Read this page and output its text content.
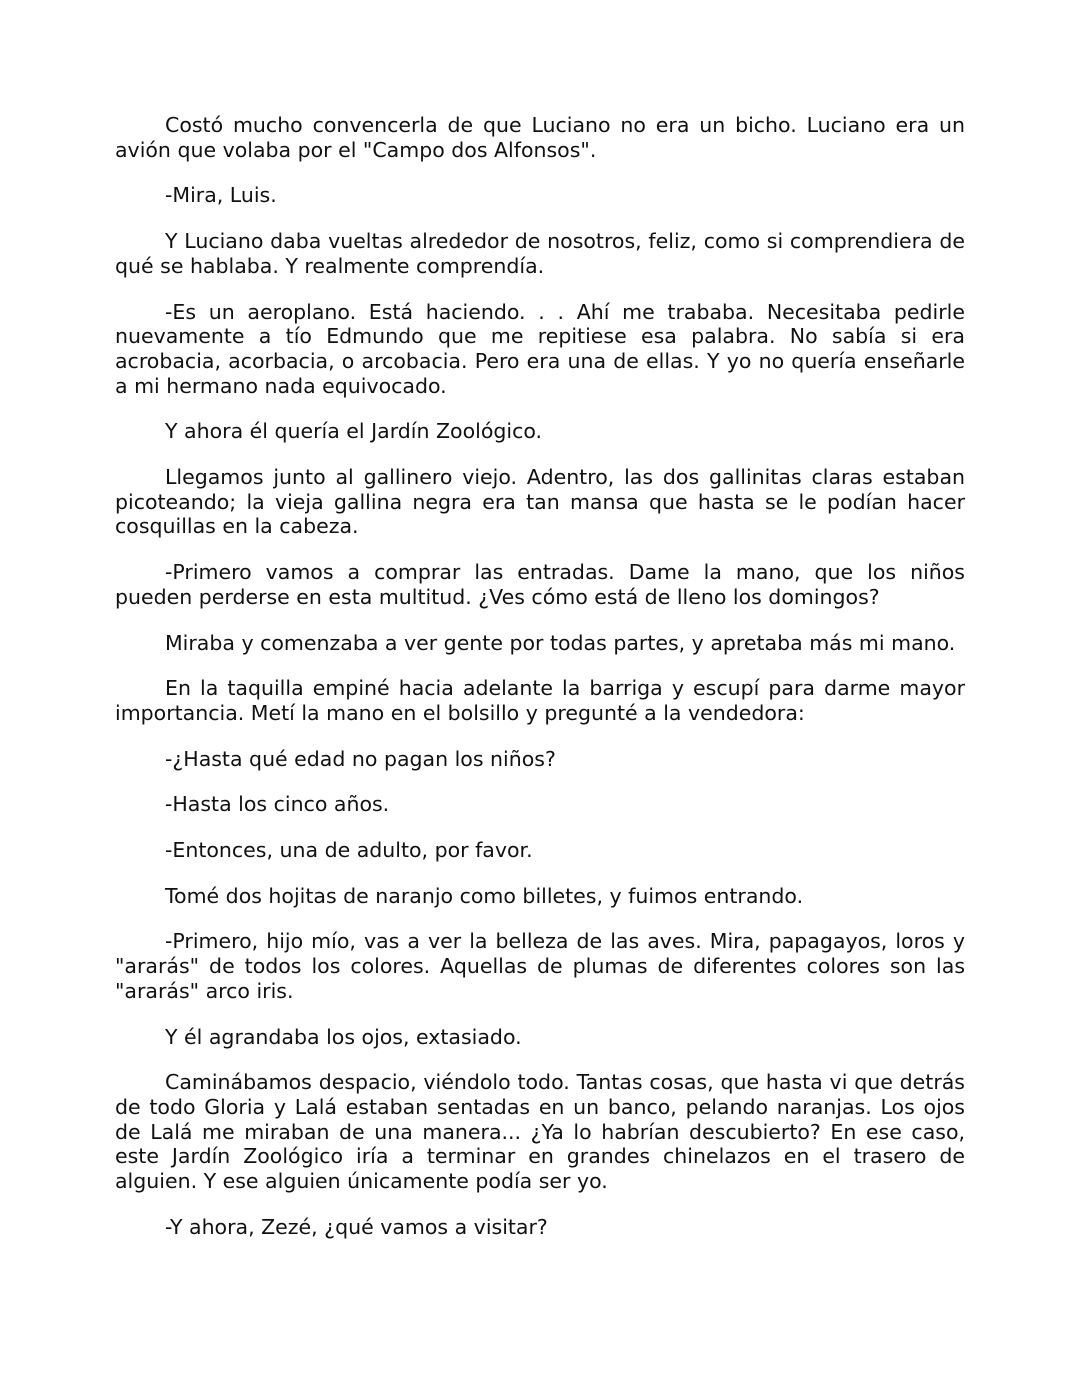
Costó mucho convencerla de que Luciano no era un bicho. Luciano era un avión que volaba por el "Campo dos Alfonsos".

-Mira, Luis.

Y Luciano daba vueltas alrededor de nosotros, feliz, como si comprendiera de qué se hablaba. Y realmente comprendía.

-Es un aeroplano. Está haciendo. . . Ahí me trababa. Necesitaba pedirle nuevamente a tío Edmundo que me repitiese esa palabra. No sabía si era acrobacia, acorbacia, o arcobacia. Pero era una de ellas. Y yo no quería enseñarle a mi hermano nada equivocado.

Y ahora él quería el Jardín Zoológico.

Llegamos junto al gallinero viejo. Adentro, las dos gallinitas claras estaban picoteando; la vieja gallina negra era tan mansa que hasta se le podían hacer cosquillas en la cabeza.

-Primero vamos a comprar las entradas. Dame la mano, que los niños pueden perderse en esta multitud. ¿Ves cómo está de lleno los domingos?

Miraba y comenzaba a ver gente por todas partes, y apretaba más mi mano.

En la taquilla empiné hacia adelante la barriga y escupí para darme mayor importancia. Metí la mano en el bolsillo y pregunté a la vendedora:

-¿Hasta qué edad no pagan los niños?

-Hasta los cinco años.

-Entonces, una de adulto, por favor.

Tomé dos hojitas de naranjo como billetes, y fuimos entrando.

-Primero, hijo mío, vas a ver la belleza de las aves. Mira, papagayos, loros y "ararás" de todos los colores. Aquellas de plumas de diferentes colores son las "ararás" arco iris.

Y él agrandaba los ojos, extasiado.

Caminábamos despacio, viéndolo todo. Tantas cosas, que hasta vi que detrás de todo Gloria y Lalá estaban sentadas en un banco, pelando naranjas. Los ojos de Lalá me miraban de una manera... ¿Ya lo habrían descubierto? En ese caso, este Jardín Zoológico iría a terminar en grandes chinelazos en el trasero de alguien. Y ese alguien únicamente podía ser yo.

-Y ahora, Zezé, ¿qué vamos a visitar?
